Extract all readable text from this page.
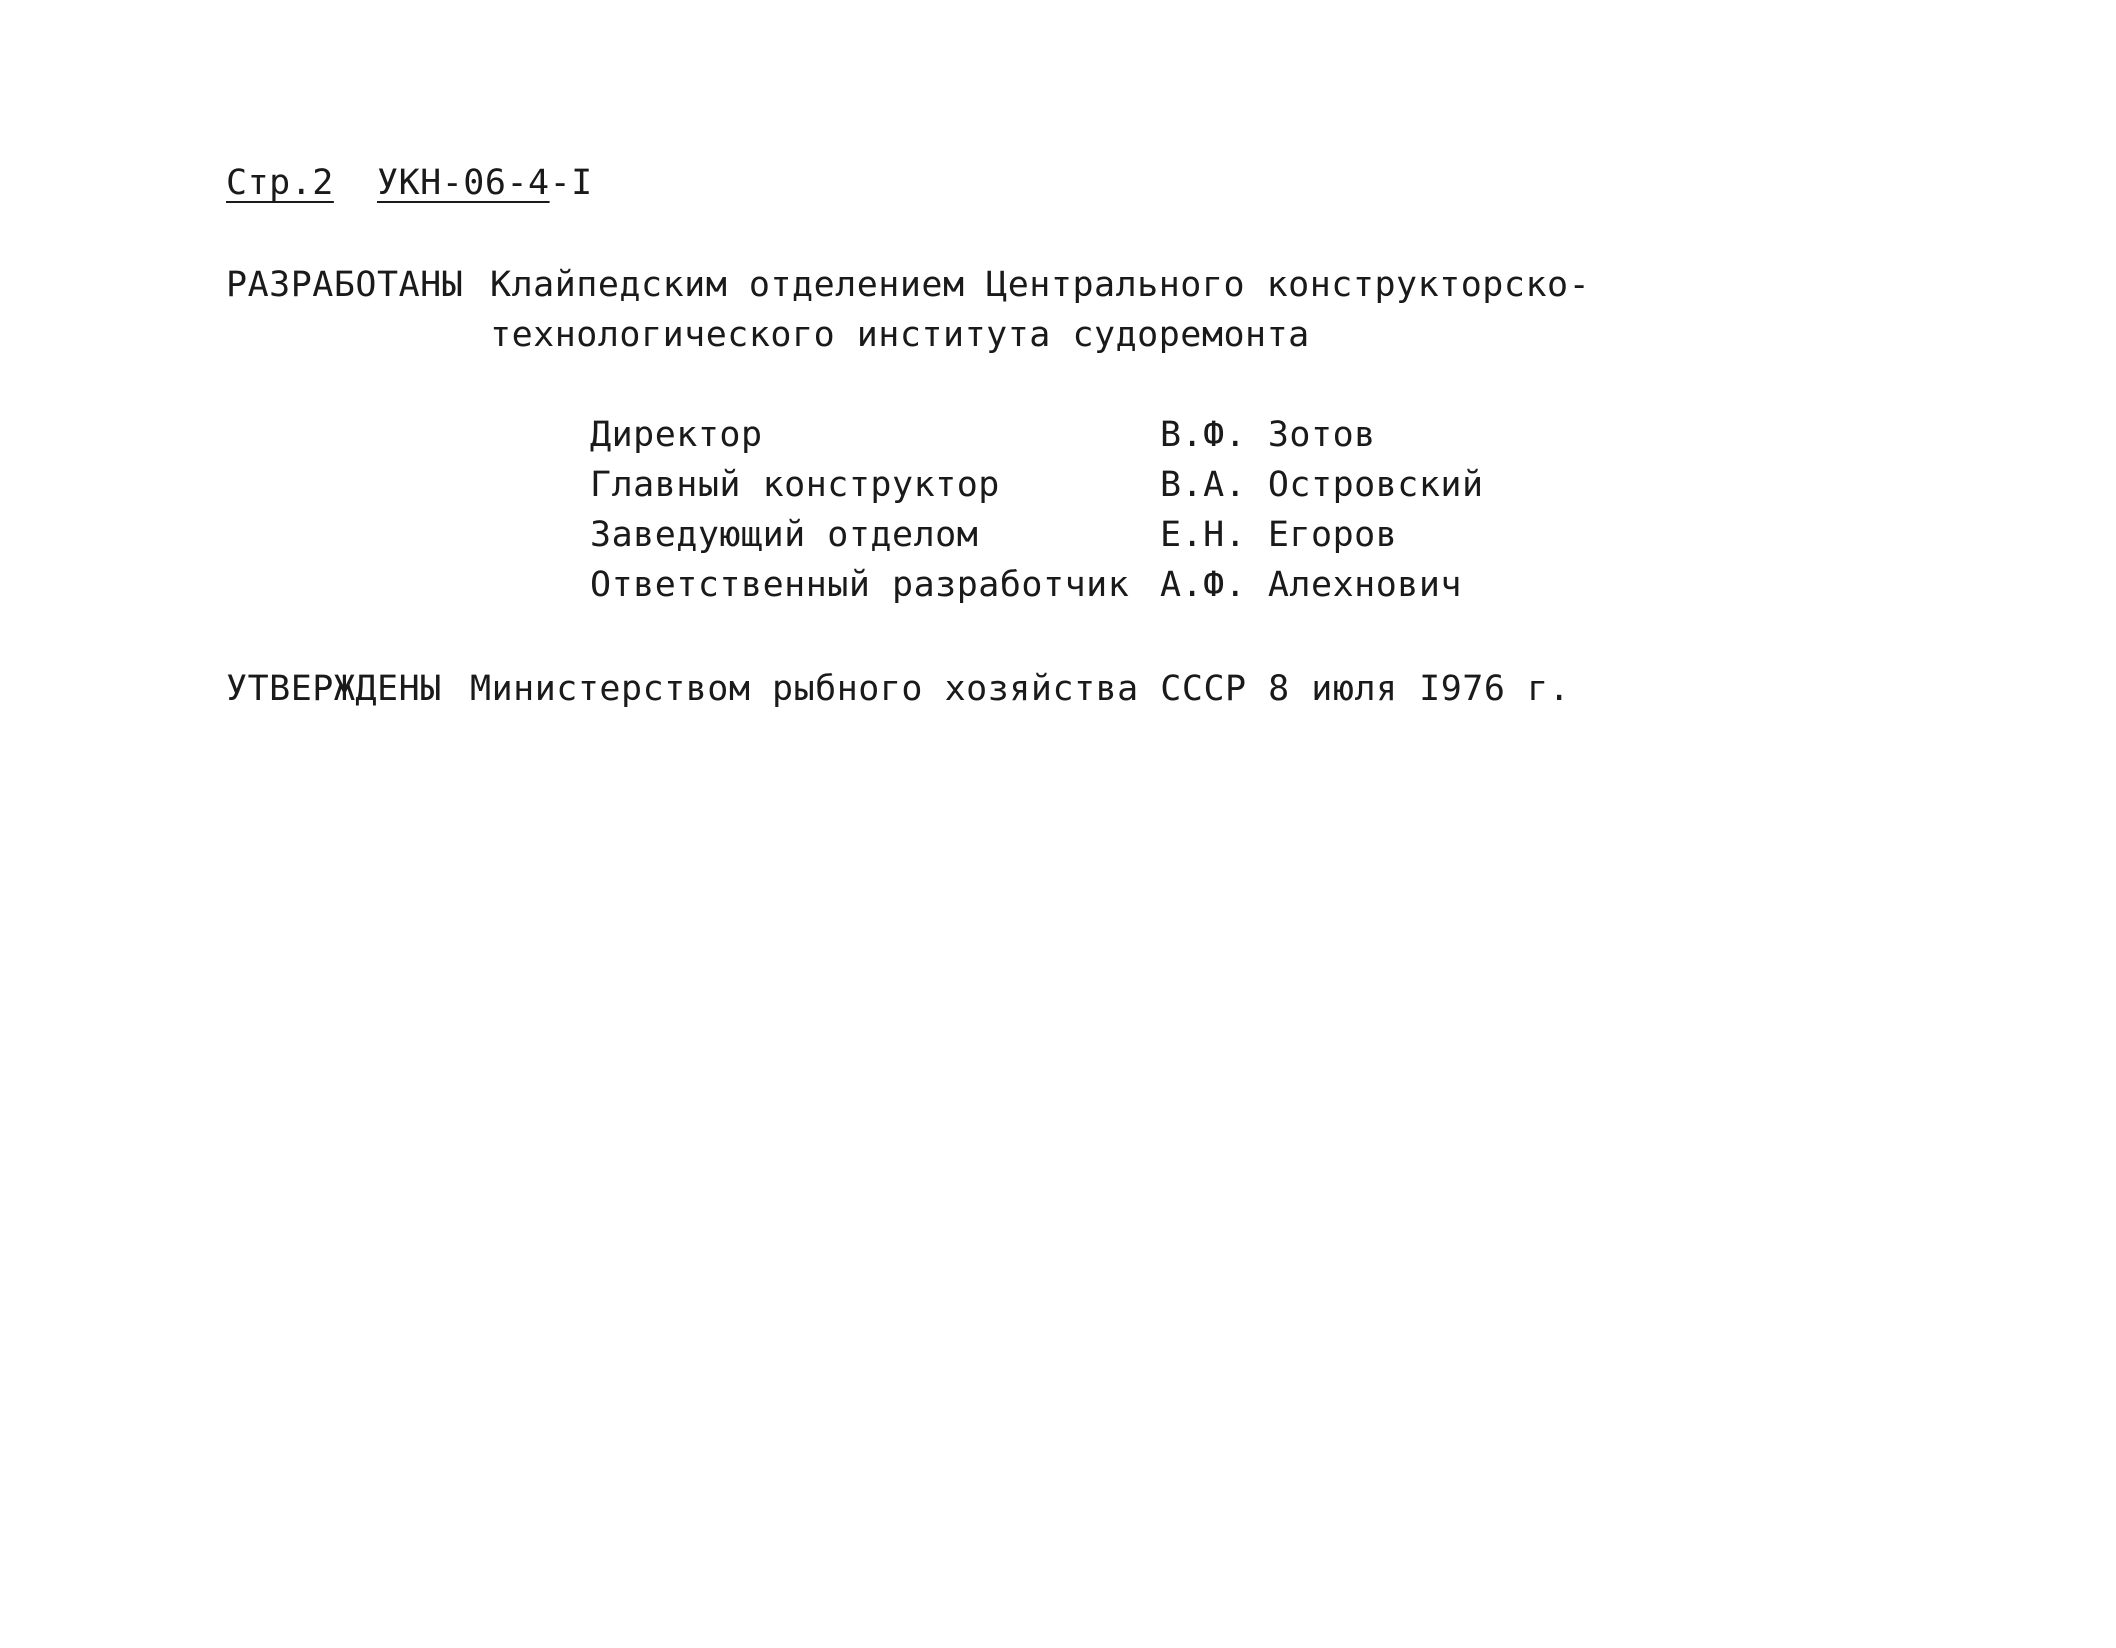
Стр.2 УКН-06-4-I
РАЗРАБОТАНЫ Клайпедским отделением Центрального конструкторско-
технологического института судоремонта
Директор	В.Ф. Зотов
Главный конструктор	В.А. Островский
Заведующий отделом	Е.Н. Егоров
Ответственный разработчик А.Ф. Алехнович
УТВЕРЖДЕНЫ Министерством рыбного хозяйства СССР 8 июля I976 г.
